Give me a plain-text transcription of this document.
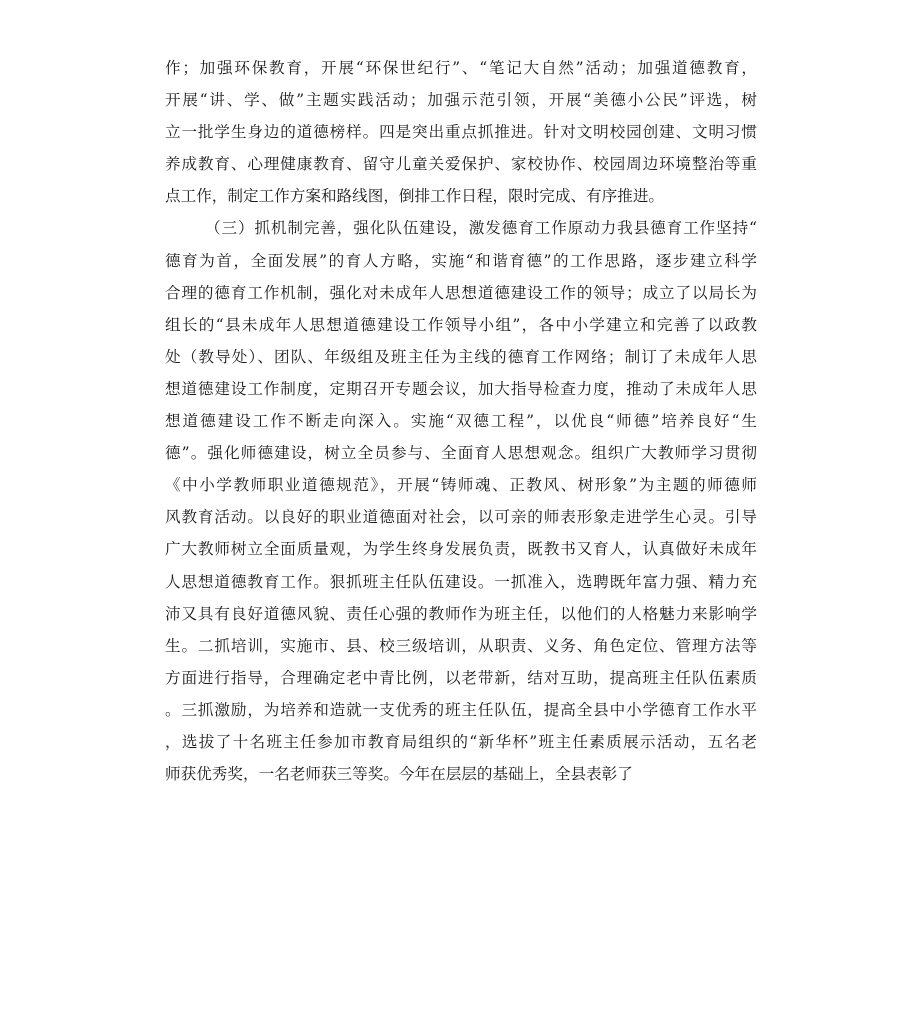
作；加强环保教育，开展“环保世纪行”、“笔记大自然”活动；加强道德教育，
开展“讲、学、做”主题实践活动；加强示范引领，开展“美德小公民”评选，树
立一批学生身边的道德榜样。四是突出重点抓推进。针对文明校园创建、文明习惯
养成教育、心理健康教育、留守儿童关爱保护、家校协作、校园周边环境整治等重
点工作，制定工作方案和路线图，倒排工作日程，限时完成、有序推进。
（三）抓机制完善，强化队伍建设，激发德育工作原动力我县德育工作坚持“
德育为首，全面发展”的育人方略，实施“和谐育德”的工作思路，逐步建立科学
合理的德育工作机制，强化对未成年人思想道德建设工作的领导；成立了以局长为
组长的“县未成年人思想道德建设工作领导小组”，各中小学建立和完善了以政教
处（教导处）、团队、年级组及班主任为主线的德育工作网络；制订了未成年人思
想道德建设工作制度，定期召开专题会议，加大指导检查力度，推动了未成年人思
想道德建设工作不断走向深入。实施“双德工程”，以优良“师德”培养良好“生
德”。强化师德建设，树立全员参与、全面育人思想观念。组织广大教师学习贯彻
《中小学教师职业道德规范》，开展“铸师魂、正教风、树形象”为主题的师德师
风教育活动。以良好的职业道德面对社会，以可亲的师表形象走进学生心灵。引导
广大教师树立全面质量观，为学生终身发展负责，既教书又育人，认真做好未成年
人思想道德教育工作。狠抓班主任队伍建设。一抓准入，选聘既年富力强、精力充
沛又具有良好道德风貌、责任心强的教师作为班主任，以他们的人格魅力来影响学
生。二抓培训，实施市、县、校三级培训，从职责、义务、角色定位、管理方法等
方面进行指导，合理确定老中青比例，以老带新，结对互助，提高班主任队伍素质
。三抓激励，为培养和造就一支优秀的班主任队伍，提高全县中小学德育工作水平
，选拔了十名班主任参加市教育局组织的“新华杯”班主任素质展示活动，五名老
师获优秀奖，一名老师获三等奖。今年在层层的基础上，全县表彰了
